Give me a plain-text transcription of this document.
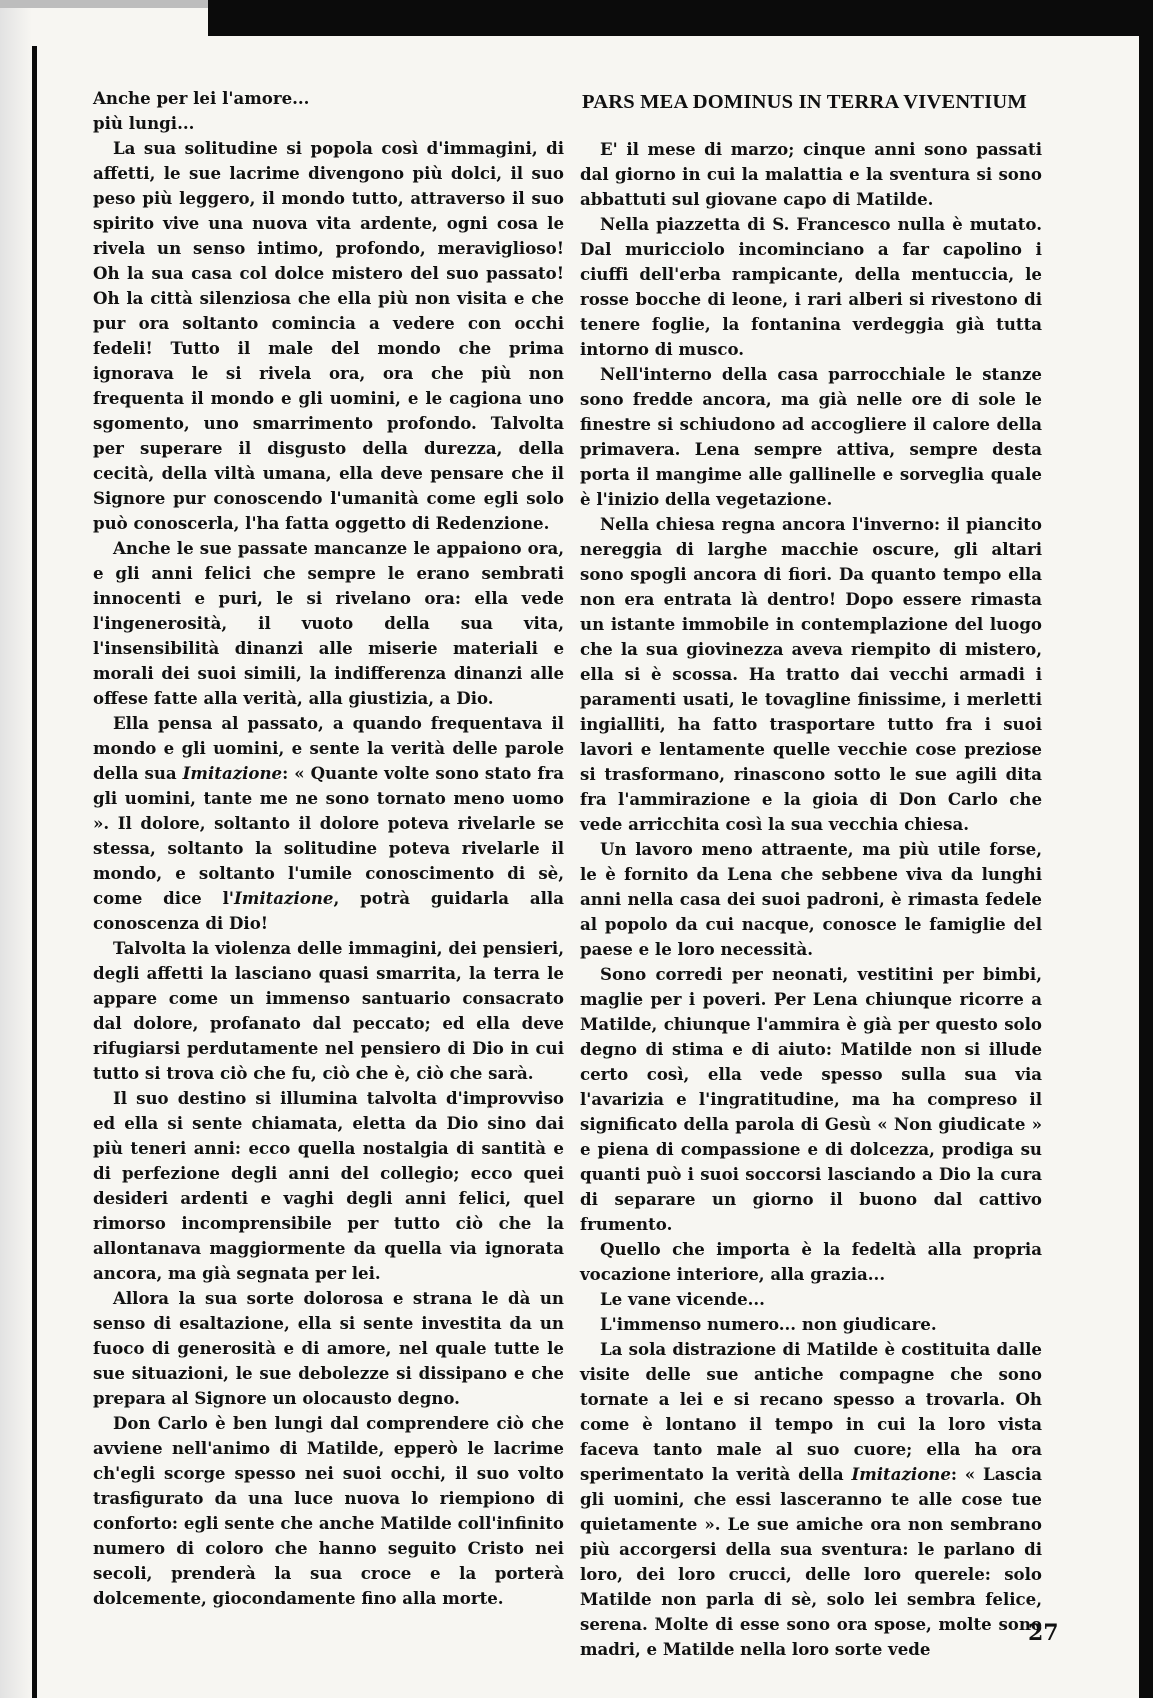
Anche per lei l'amore...

più lungi...

La sua solitudine si popola così d'immagini, di affetti, le sue lacrime divengono più dolci, il suo peso più leggero, il mondo tutto, attraverso il suo spirito vive una nuova vita ardente, ogni cosa le rivela un senso intimo, profondo, meraviglioso! Oh la sua casa col dolce mistero del suo passato! Oh la città silenziosa che ella più non visita e che pur ora soltanto comincia a vedere con occhi fedeli! Tutto il male del mondo che prima ignorava le si rivela ora, ora che più non frequenta il mondo e gli uomini, e le cagiona uno sgomento, uno smarrimento profondo. Talvolta per superare il disgusto della durezza, della cecità, della viltà umana, ella deve pensare che il Signore pur conoscendo l'umanità come egli solo può conoscerla, l'ha fatta oggetto di Redenzione.

Anche le sue passate mancanze le appaiono ora, e gli anni felici che sempre le erano sembrati innocenti e puri, le si rivelano ora: ella vede l'ingenerosità, il vuoto della sua vita, l'insensibilità dinanzi alle miserie materiali e morali dei suoi simili, la indifferenza dinanzi alle offese fatte alla verità, alla giustizia, a Dio.

Ella pensa al passato, a quando frequentava il mondo e gli uomini, e sente la verità delle parole della sua Imitazione: « Quante volte sono stato fra gli uomini, tante me ne sono tornato meno uomo ». Il dolore, soltanto il dolore poteva rivelarle se stessa, soltanto la solitudine poteva rivelarle il mondo, e soltanto l'umile conoscimento di sè, come dice l'Imitazione, potrà guidarla alla conoscenza di Dio!

Talvolta la violenza delle immagini, dei pensieri, degli affetti la lasciano quasi smarrita, la terra le appare come un immenso santuario consacrato dal dolore, profanato dal peccato; ed ella deve rifugiarsi perdutamente nel pensiero di Dio in cui tutto si trova ciò che fu, ciò che è, ciò che sarà.

Il suo destino si illumina talvolta d'improvviso ed ella si sente chiamata, eletta da Dio sino dai più teneri anni: ecco quella nostalgia di santità e di perfezione degli anni del collegio; ecco quei desideri ardenti e vaghi degli anni felici, quel rimorso incomprensibile per tutto ciò che la allontanava maggiormente da quella via ignorata ancora, ma già segnata per lei.

Allora la sua sorte dolorosa e strana le dà un senso di esaltazione, ella si sente investita da un fuoco di generosità e di amore, nel quale tutte le sue situazioni, le sue debolezze si dissipano e che prepara al Signore un olocausto degno.

Don Carlo è ben lungi dal comprendere ciò che avviene nell'animo di Matilde, epperò le lacrime ch'egli scorge spesso nei suoi occhi, il suo volto trasfigurato da una luce nuova lo riempiono di conforto: egli sente che anche Matilde coll'infinito numero di coloro che hanno seguito Cristo nei secoli, prenderà la sua croce e la porterà dolcemente, giocondamente fino alla morte.

PARS MEA DOMINUS IN TERRA VIVENTIUM

E' il mese di marzo; cinque anni sono passati dal giorno in cui la malattia e la sventura si sono abbattuti sul giovane capo di Matilde.

Nella piazzetta di S. Francesco nulla è mutato. Dal muricciolo incominciano a far capolino i ciuffi dell'erba rampicante, della mentuccia, le rosse bocche di leone, i rari alberi si rivestono di tenere foglie, la fontanina verdeggia già tutta intorno di musco.

Nell'interno della casa parrocchiale le stanze sono fredde ancora, ma già nelle ore di sole le finestre si schiudono ad accogliere il calore della primavera. Lena sempre attiva, sempre desta porta il mangime alle gallinelle e sorveglia quale è l'inizio della vegetazione.

Nella chiesa regna ancora l'inverno: il piancito nereggia di larghe macchie oscure, gli altari sono spogli ancora di fiori. Da quanto tempo ella non era entrata là dentro! Dopo essere rimasta un istante immobile in contemplazione del luogo che la sua giovinezza aveva riempito di mistero, ella si è scossa. Ha tratto dai vecchi armadi i paramenti usati, le tovagline finissime, i merletti ingialliti, ha fatto trasportare tutto fra i suoi lavori e lentamente quelle vecchie cose preziose si trasformano, rinascono sotto le sue agili dita fra l'ammirazione e la gioia di Don Carlo che vede arricchita così la sua vecchia chiesa.

Un lavoro meno attraente, ma più utile forse, le è fornito da Lena che sebbene viva da lunghi anni nella casa dei suoi padroni, è rimasta fedele al popolo da cui nacque, conosce le famiglie del paese e le loro necessità.

Sono corredi per neonati, vestitini per bimbi, maglie per i poveri. Per Lena chiunque ricorre a Matilde, chiunque l'ammira è già per questo solo degno di stima e di aiuto: Matilde non si illude certo così, ella vede spesso sulla sua via l'avarizia e l'ingratitudine, ma ha compreso il significato della parola di Gesù « Non giudicate » e piena di compassione e di dolcezza, prodiga su quanti può i suoi soccorsi lasciando a Dio la cura di separare un giorno il buono dal cattivo frumento.

Quello che importa è la fedeltà alla propria vocazione interiore, alla grazia...

Le vane vicende...

L'immenso numero... non giudicare.

La sola distrazione di Matilde è costituita dalle visite delle sue antiche compagne che sono tornate a lei e si recano spesso a trovarla. Oh come è lontano il tempo in cui la loro vista faceva tanto male al suo cuore; ella ha ora sperimentato la verità della Imitazione: « Lascia gli uomini, che essi lasceranno te alle cose tue quietamente ». Le sue amiche ora non sembrano più accorgersi della sua sventura: le parlano di loro, dei loro crucci, delle loro querele: solo Matilde non parla di sè, solo lei sembra felice, serena. Molte di esse sono ora spose, molte sono madri, e Matilde nella loro sorte vede

27
